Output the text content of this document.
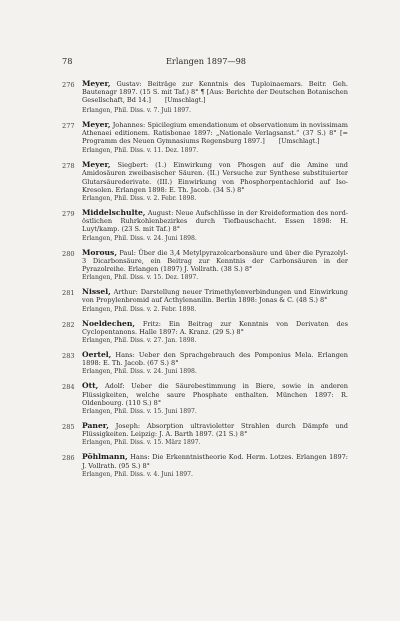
78	Erlangen 1897—98
276 Meyer, Gustav: Beiträge zur Kenntnis des Tuploinaemars. Beitr. Geh. Bautenagr 1897. (15 S. mit Taf.) 8° ¶ [Aus: Berichte der Deutschen Botanischen Gesellschaft, Bd 14.] [Umschlagt.]
Erlangen, Phil. Diss. v. 7. Juli 1897.
277 Meyer, Johannes: Spicilegium emendationum et observationum in novissimam Athenaei editionem. Ratisbonae 1897: „Nationale Verlagsanst.“ (37 S.) 8° [= Programm des Neuen Gymnasiums Regensburg 1897.] [Umschlagt.]
Erlangen, Phil. Diss. v. 11. Dez. 1897.
278 Meyer, Siegbert: (1.) Einwirkung von Phosgen auf die Amine und Amidosäuren zweibasischer Säuren. (II.) Versuche zur Synthese substituierter Glutarsäurederivate. (III.) Einwirkung von Phosphorpentachlorid auf Iso-Kresolen. Erlangen 1898: E. Th. Jacob. (34 S.) 8°
Erlangen, Phil. Diss. v. 2. Febr. 1898.
279 Middelschulte, August: Neue Aufschlüsse in der Kreideformation des nord-östlichen Ruhrkohlenbezirkes durch Tiefbauschacht. Essen 1898: H. Luyt/kamp. (23 S. mit Taf.) 8°
Erlangen, Phil. Diss. v. 24. Juni 1898.
280 Morous, Paul: Über die 3,4 Metylpyrazolcarbonsäure und über die Pyrazolyl-3 Dicarbonsäure, ein Beitrag zur Kenntnis der Carbonsäuren in der Pyrazolreihe. Erlangen (1897) J. Vollrath. (38 S.) 8°
Erlangen, Phil. Diss. v. 15. Dez. 1897.
281 Nissel, Arthur: Darstellung neuer Trimethylenverbindungen und Einwirkung von Propylenbromid auf Acthylenanilin. Berlin 1898: Jonas & C. (48 S.) 8°
Erlangen, Phil. Diss. v. 2. Febr. 1898.
282 Noeldechen, Fritz: Ein Beitrag zur Kenntnis von Derivaten des Cyclopentanons. Halle 1897: A. Kranz. (29 S.) 8°
Erlangen, Phil. Diss. v. 27. Jan. 1898.
283 Oertel, Hans: Ueber den Sprachgebrauch des Pomponius Mela. Erlangen 1898: E. Th. Jacob. (67 S.) 8°
Erlangen, Phil. Diss. v. 24. Juni 1898.
284 Ott, Adolf: Ueber die Säurebestimmung in Biere, sowie in anderen Flüssigkeiten, welche saure Phosphate enthalten. München 1897: R. Oldenbourg. (110 S.) 8°
Erlangen, Phil. Diss. v. 15. Juni 1897.
285 Paner, Joseph: Absorption ultravioletter Strahlen durch Dämpfe und Flüssigkeiten. Leipzig: J. A. Barth 1897. (21 S.) 8°
Erlangen, Phil. Diss. v. 15. März 1897.
286 Pöhlmann, Hans: Die Erkenntnistheorie Kod. Herm. Lotzes. Erlangen 1897: J. Vollrath. (95 S.) 8°
Erlangen, Phil. Diss. v. 4. Juni 1897.
